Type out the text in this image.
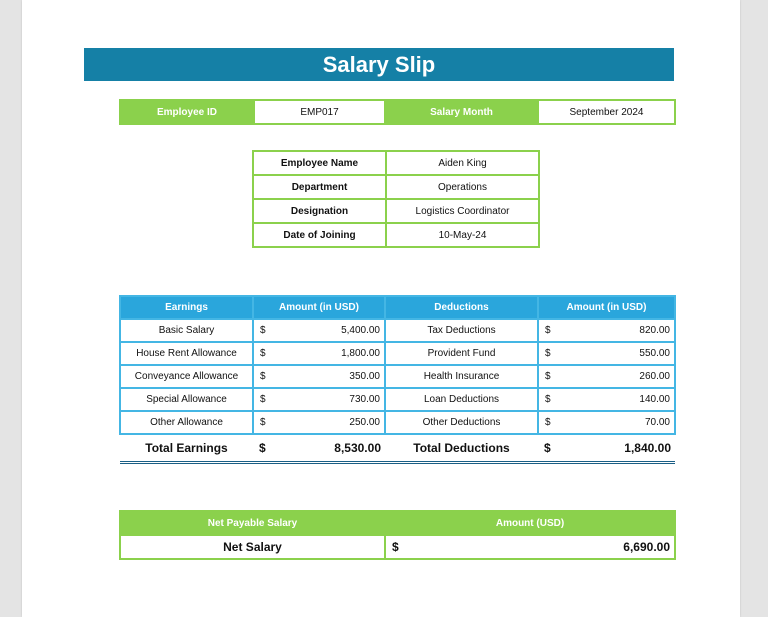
Salary Slip
Employee ID	EMP017	Salary Month	September 2024
Employee Name	Aiden King
Department	Operations
Designation	Logistics Coordinator
Date of Joining	10-May-24
Earnings	Amount (in USD)		Deductions	Amount (in USD)	
Basic Salary	$	5,400.00	Tax Deductions	$	820.00
House Rent Allowance	$	1,800.00	Provident Fund	$	550.00
Conveyance Allowance	$	350.00	Health Insurance	$	260.00
Special Allowance	$	730.00	Loan Deductions	$	140.00
Other Allowance	$	250.00	Other Deductions	$	70.00
Total Earnings	$	8,530.00	Total Deductions	$	1,840.00
Net Payable Salary	Amount (USD)	
Net Salary	$	6,690.00
